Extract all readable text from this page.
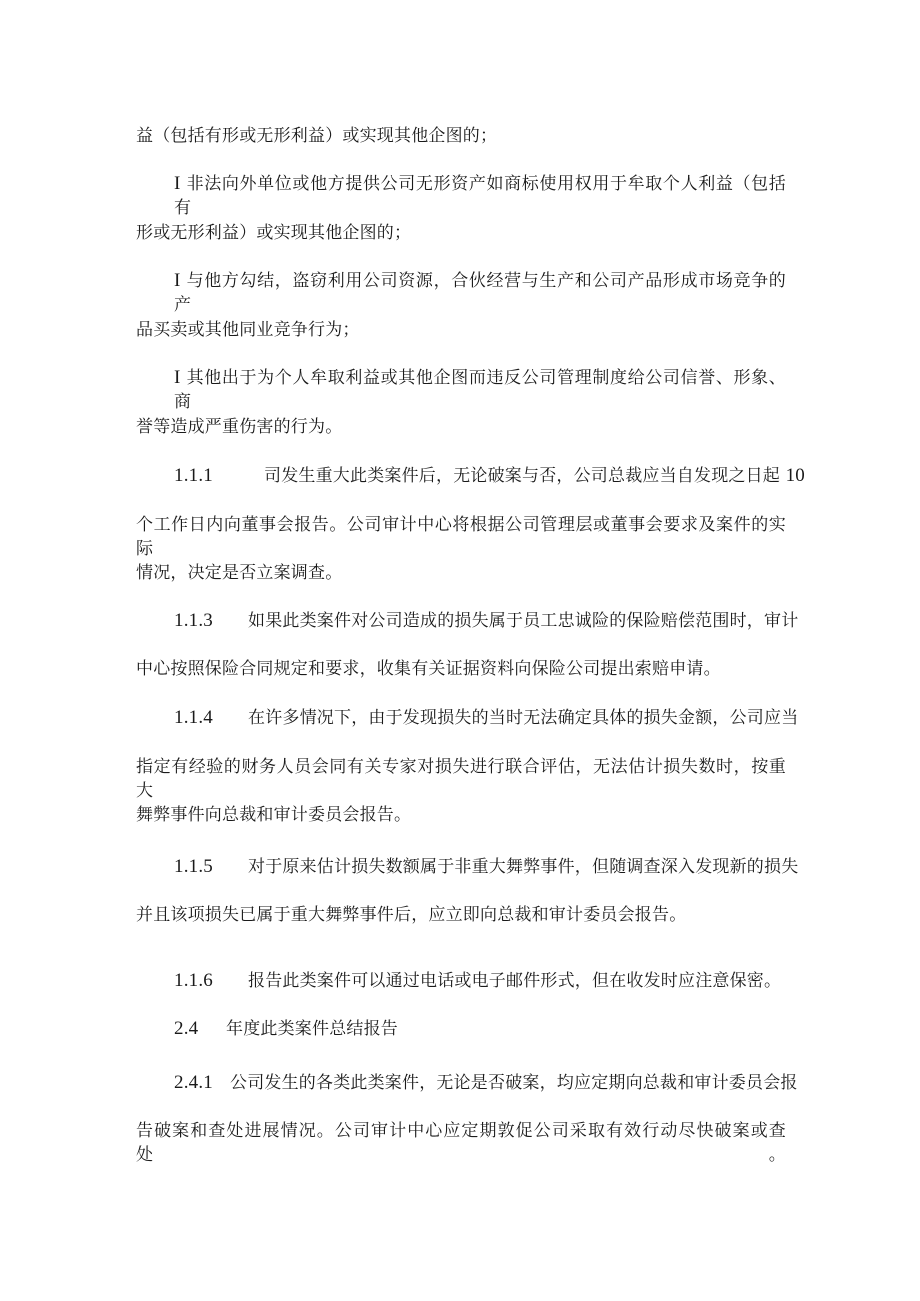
益（包括有形或无形利益）或实现其他企图的；
I 非法向外单位或他方提供公司无形资产如商标使用权用于牟取个人利益（包括有
形或无形利益）或实现其他企图的；
I 与他方勾结，盗窃利用公司资源，合伙经营与生产和公司产品形成市场竞争的产
品买卖或其他同业竞争行为；
I 其他出于为个人牟取利益或其他企图而违反公司管理制度给公司信誉、形象、商
誉等造成严重伤害的行为。
1.1.1	司发生重大此类案件后，无论破案与否，公司总裁应当自发现之日起 10
个工作日内向董事会报告。公司审计中心将根据公司管理层或董事会要求及案件的实际
情况，决定是否立案调查。
1.1.3 如果此类案件对公司造成的损失属于员工忠诚险的保险赔偿范围时，审计
中心按照保险合同规定和要求，收集有关证据资料向保险公司提出索赔申请。
1.1.4 在许多情况下，由于发现损失的当时无法确定具体的损失金额，公司应当
指定有经验的财务人员会同有关专家对损失进行联合评估，无法估计损失数时，按重大
舞弊事件向总裁和审计委员会报告。
1.1.5 对于原来估计损失数额属于非重大舞弊事件，但随调查深入发现新的损失
并且该项损失已属于重大舞弊事件后，应立即向总裁和审计委员会报告。
1.1.6 报告此类案件可以通过电话或电子邮件形式，但在收发时应注意保密。
2.4 年度此类案件总结报告
2.4.1 公司发生的各类此类案件，无论是否破案，均应定期向总裁和审计委员会报
告破案和查处进展情况。公司审计中心应定期敦促公司采取有效行动尽快破案或查处。
